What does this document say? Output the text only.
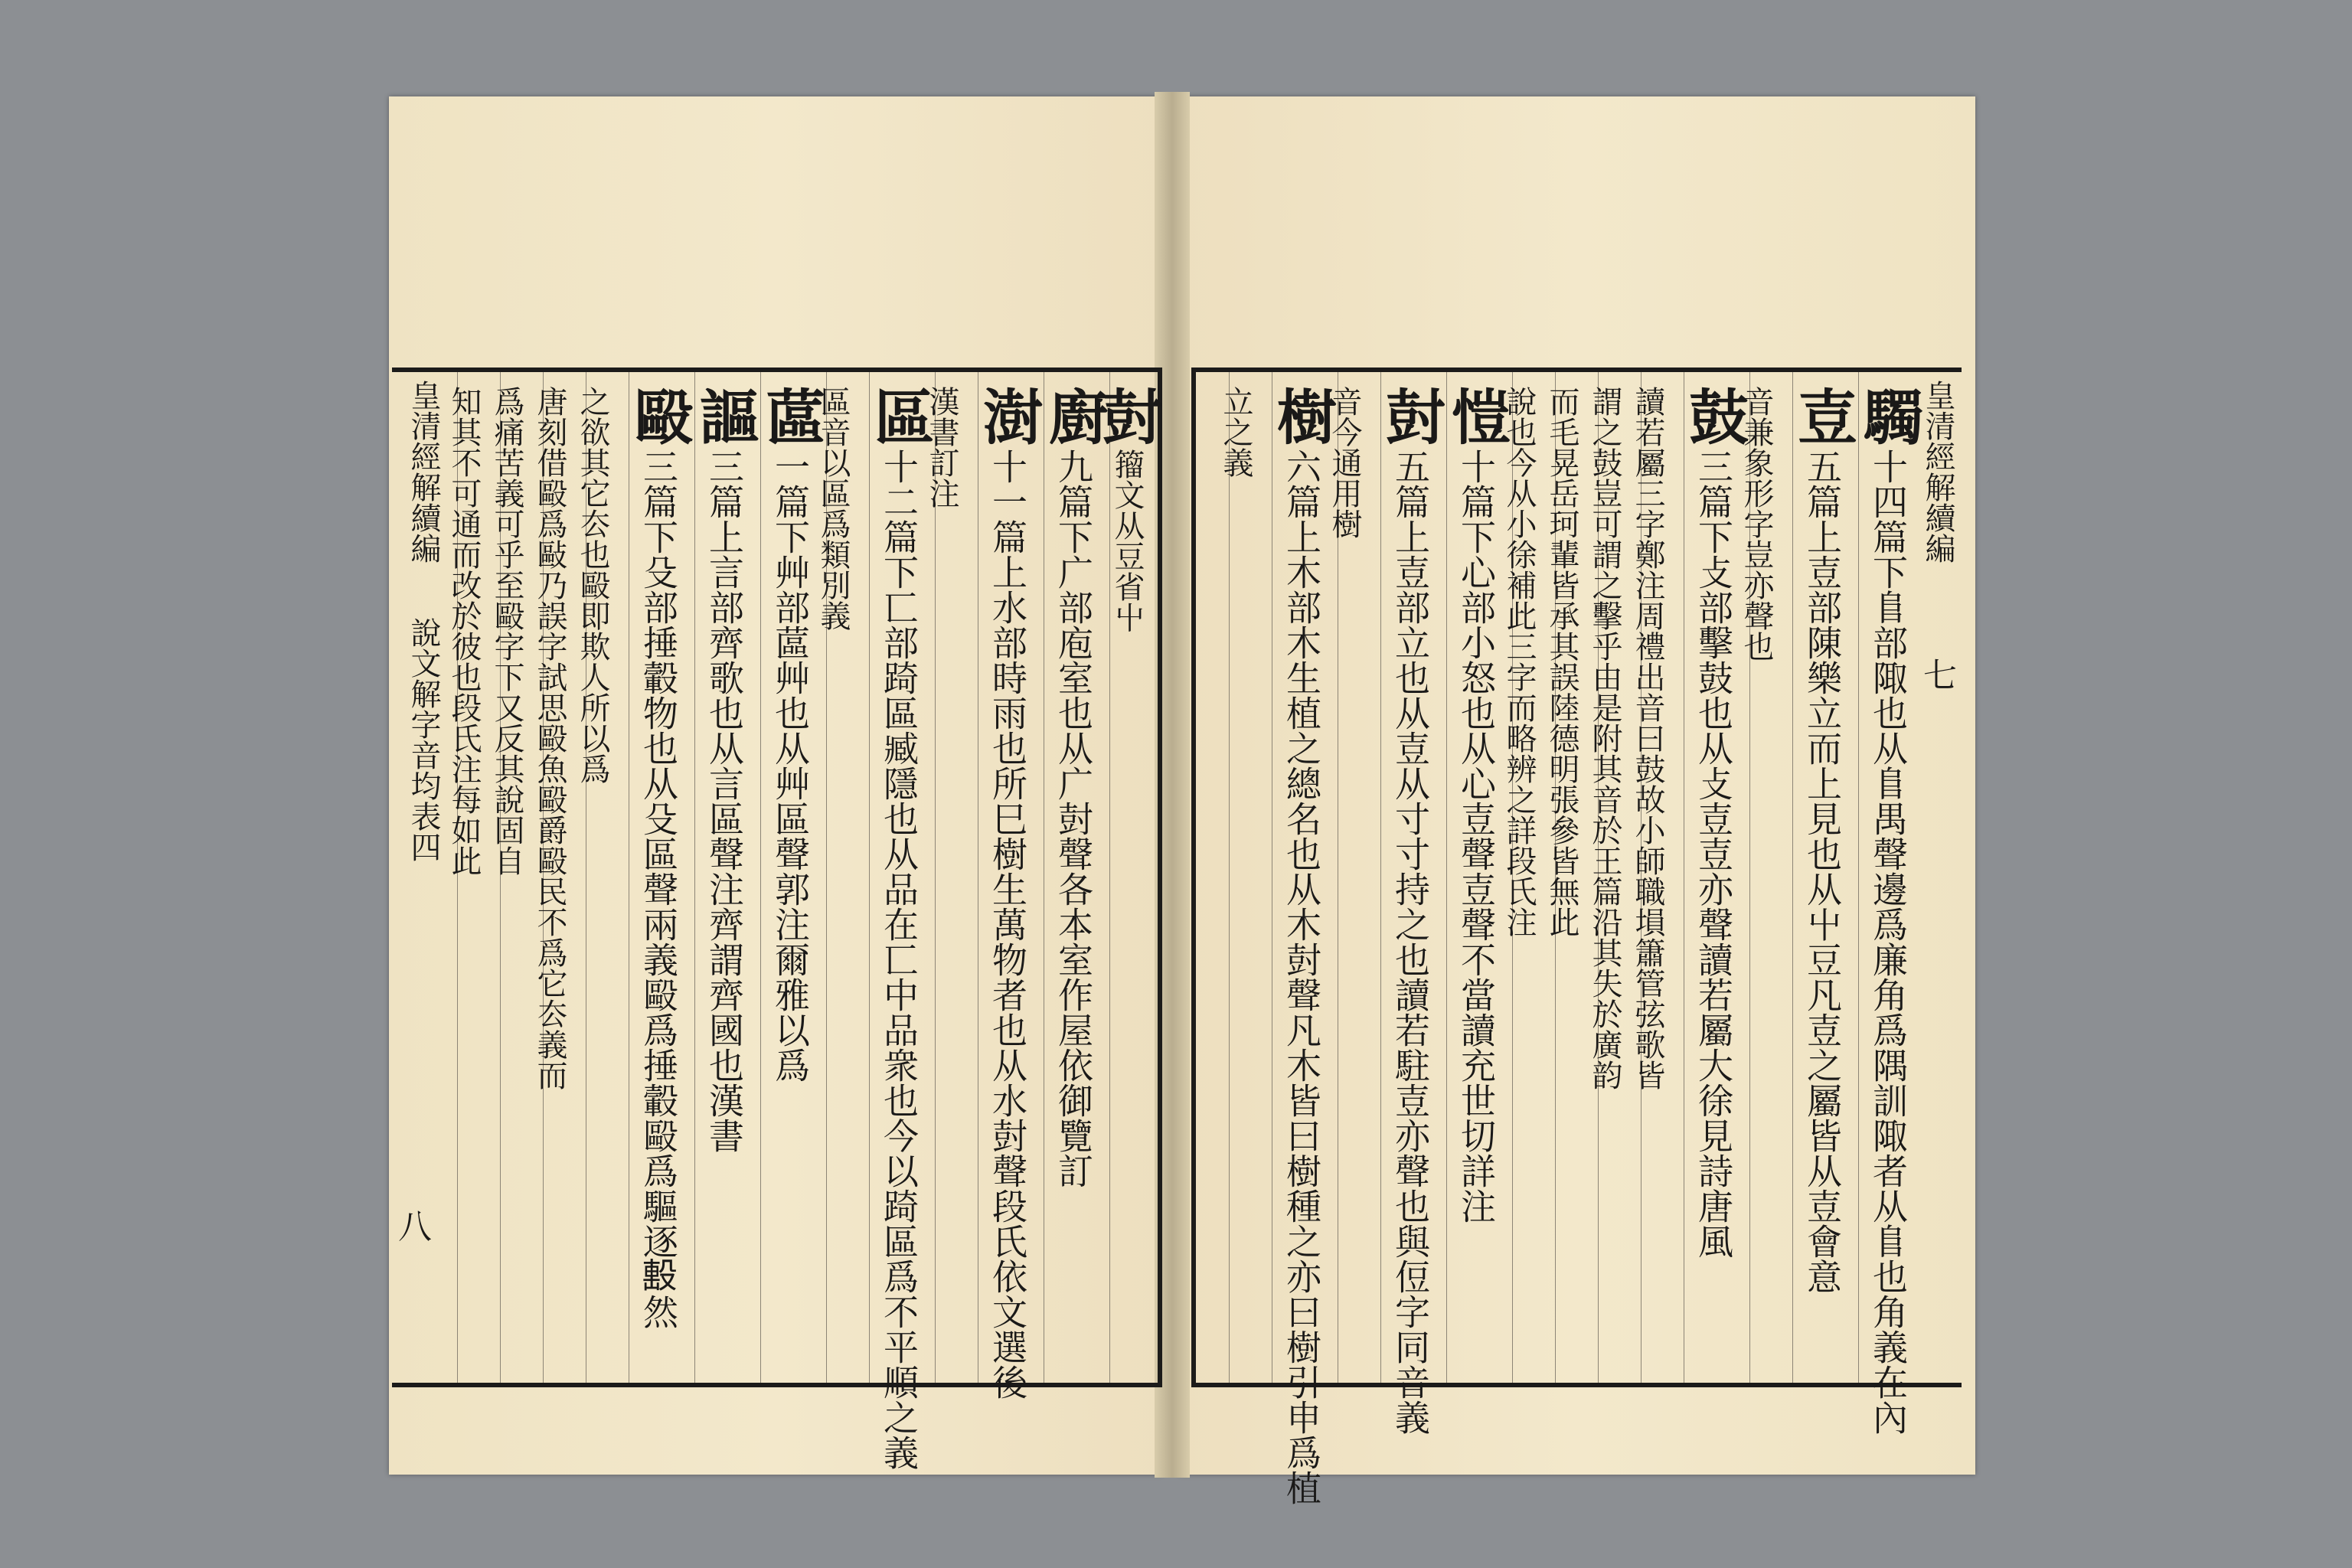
尌籀文从豆省屮
廚九篇下广部庖室也从广尌聲各本室作屋依御覽訂
澍十一篇上水部時雨也所巳樹生萬物者也从水尌聲段氏依文選後
漢書訂注
區十二篇下匸部踦區臧隱也从品在匸中品衆也今以踦區爲不平順之義
區音以區爲類別義
蓲一篇下艸部蓲艸也从艸區聲郭注爾雅以爲
謳三篇上言部齊歌也从言區聲注齊謂齊國也漢書
毆三篇下殳部捶轂物也从殳區聲兩義毆爲捶轂毆爲驅逐𣪠然
之欲其它厺也毆即欺人所以爲
唐刻借毆爲敺乃誤字試思毆魚毆爵毆民不爲它厺義而
爲痛苦義可乎至毆字下又反其說固自
知其不可通而改於彼也段氏注每如此
皇清經解續編
說文解字音均表四
八
皇清經解續編
七
䮷十四篇下𨸏部陬也从𨸏禺聲邊爲廉角爲隅訓陬者从𨸏也角義在內
壴五篇上壴部陳樂立而上見也从屮豆凡壴之屬皆从壴會意
音兼象形字豈亦聲也
鼓三篇下攴部擊鼓也从攴壴壴亦聲讀若屬大徐見詩唐風
讀若屬三字鄭注周禮出音曰鼓故小師職塤簫管弦歌皆
謂之鼓豈可謂之擊乎由是附其音於王篇沿其失於廣韵
而毛晃岳珂輩皆承其誤陸德明張參皆無此
說也今从小徐補此三字而略辨之詳段氏注
愷十篇下心部小怒也从心壴聲壴聲不當讀充世切詳注
尌五篇上壴部立也从壴从寸寸持之也讀若駐壴亦聲也與侸字同音義
音今通用樹
樹六篇上木部木生植之總名也从木尌聲凡木皆曰樹種之亦曰樹引申爲植
立之義
